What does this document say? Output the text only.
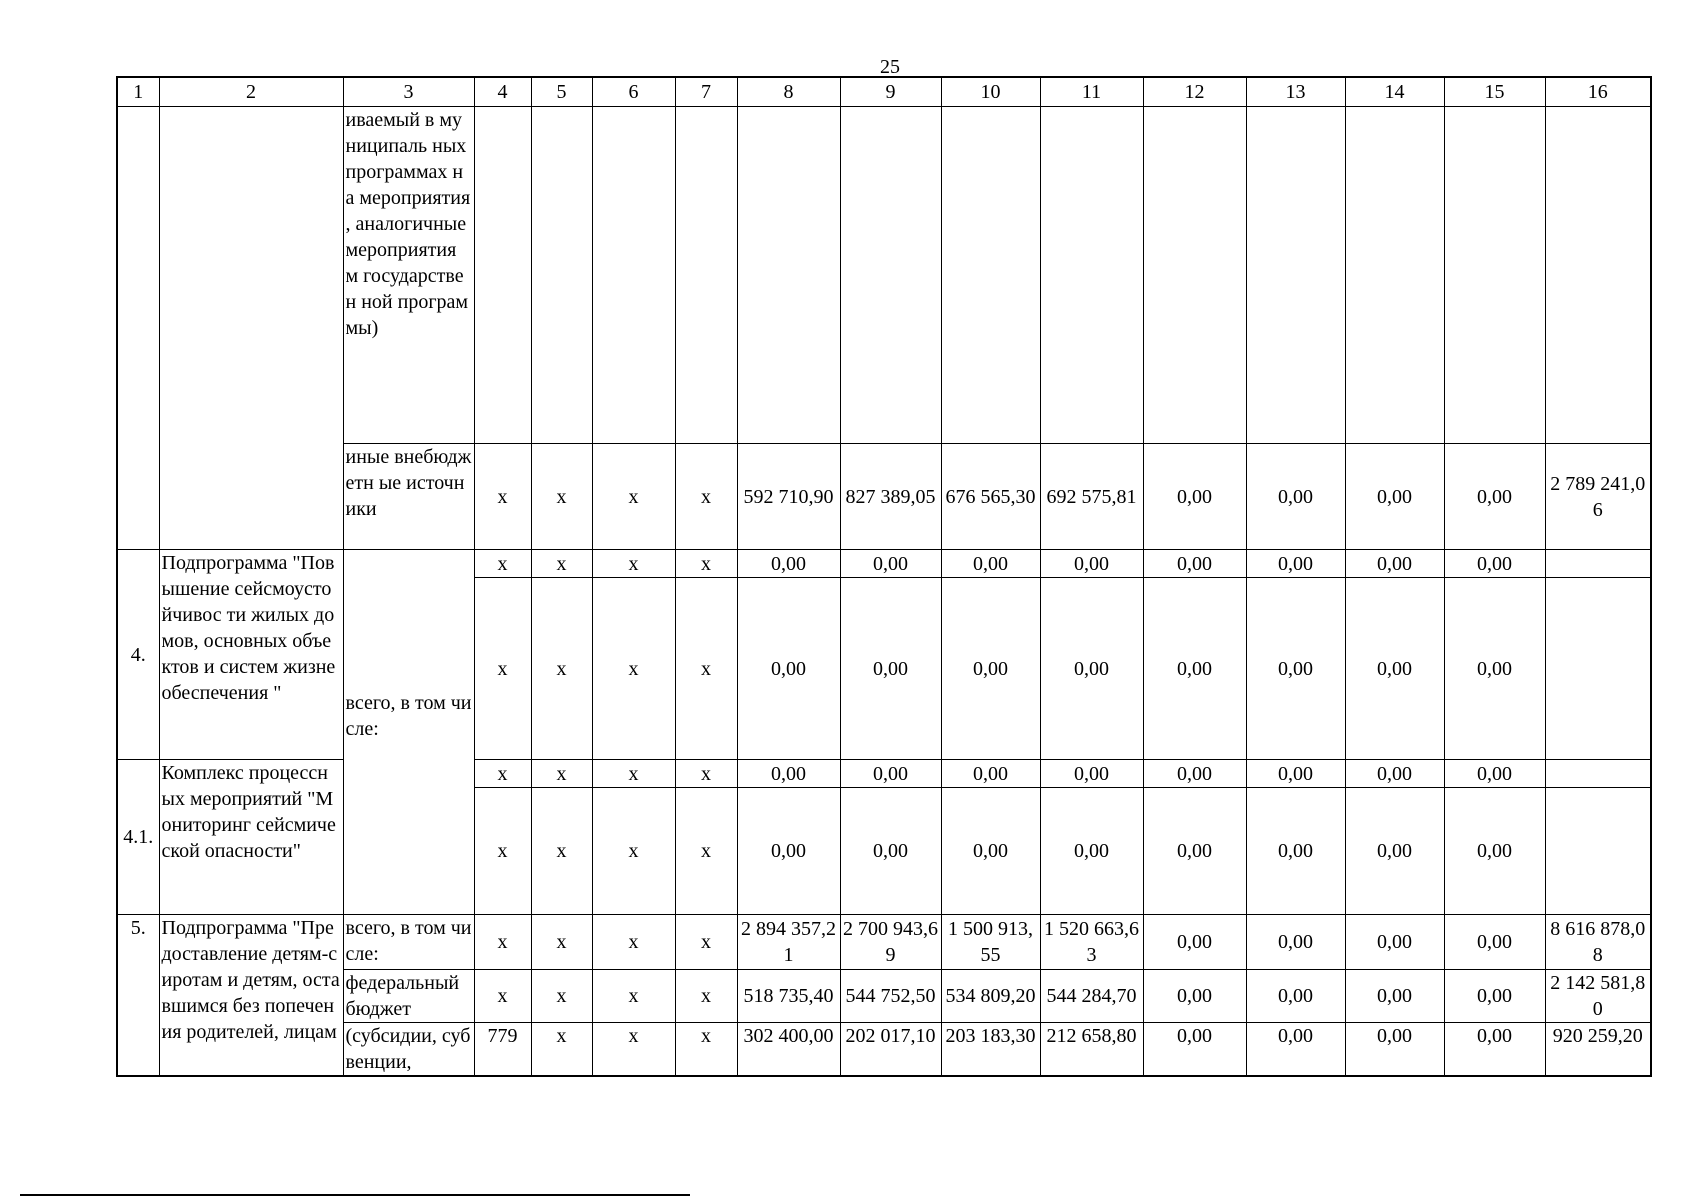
25
1	2	3	4	5	6	7	8	9	10	11	12	13	14	15	16
		иваемый в муниципаль ных программах на мероприятия , аналогичные мероприятия м государствен ной программы)													
		иные внебюджетн ые источники	х	х	х	х	592 710,90	827 389,05	676 565,30	692 575,81	0,00	0,00	0,00	0,00	2 789 241,06
4.	Подпрограмма "Повышение сейсмоустойчивос ти жилых домов, основных объектов и систем жизнеобеспечения "	всего, в том числе:	х	х	х	х	0,00	0,00	0,00	0,00	0,00	0,00	0,00	0,00	
			х	х	х	х	0,00	0,00	0,00	0,00	0,00	0,00	0,00	0,00	
4.1.	Комплекс процессных мероприятий "Мониторинг сейсмической опасности"		х	х	х	х	0,00	0,00	0,00	0,00	0,00	0,00	0,00	0,00	
			х	х	х	х	0,00	0,00	0,00	0,00	0,00	0,00	0,00	0,00	
5.	Подпрограмма "Предоставление детям-сиротам и детям, оставшимся без попечения родителей, лицам	всего, в том числе:	х	х	х	х	2 894 357,21	2 700 943,69	1 500 913,55	1 520 663,63	0,00	0,00	0,00	0,00	8 616 878,08
		федеральный бюджет	х	х	х	х	518 735,40	544 752,50	534 809,20	544 284,70	0,00	0,00	0,00	0,00	2 142 581,80
		(субсидии, субвенции,	779	х	х	х	302 400,00	202 017,10	203 183,30	212 658,80	0,00	0,00	0,00	0,00	920 259,20
